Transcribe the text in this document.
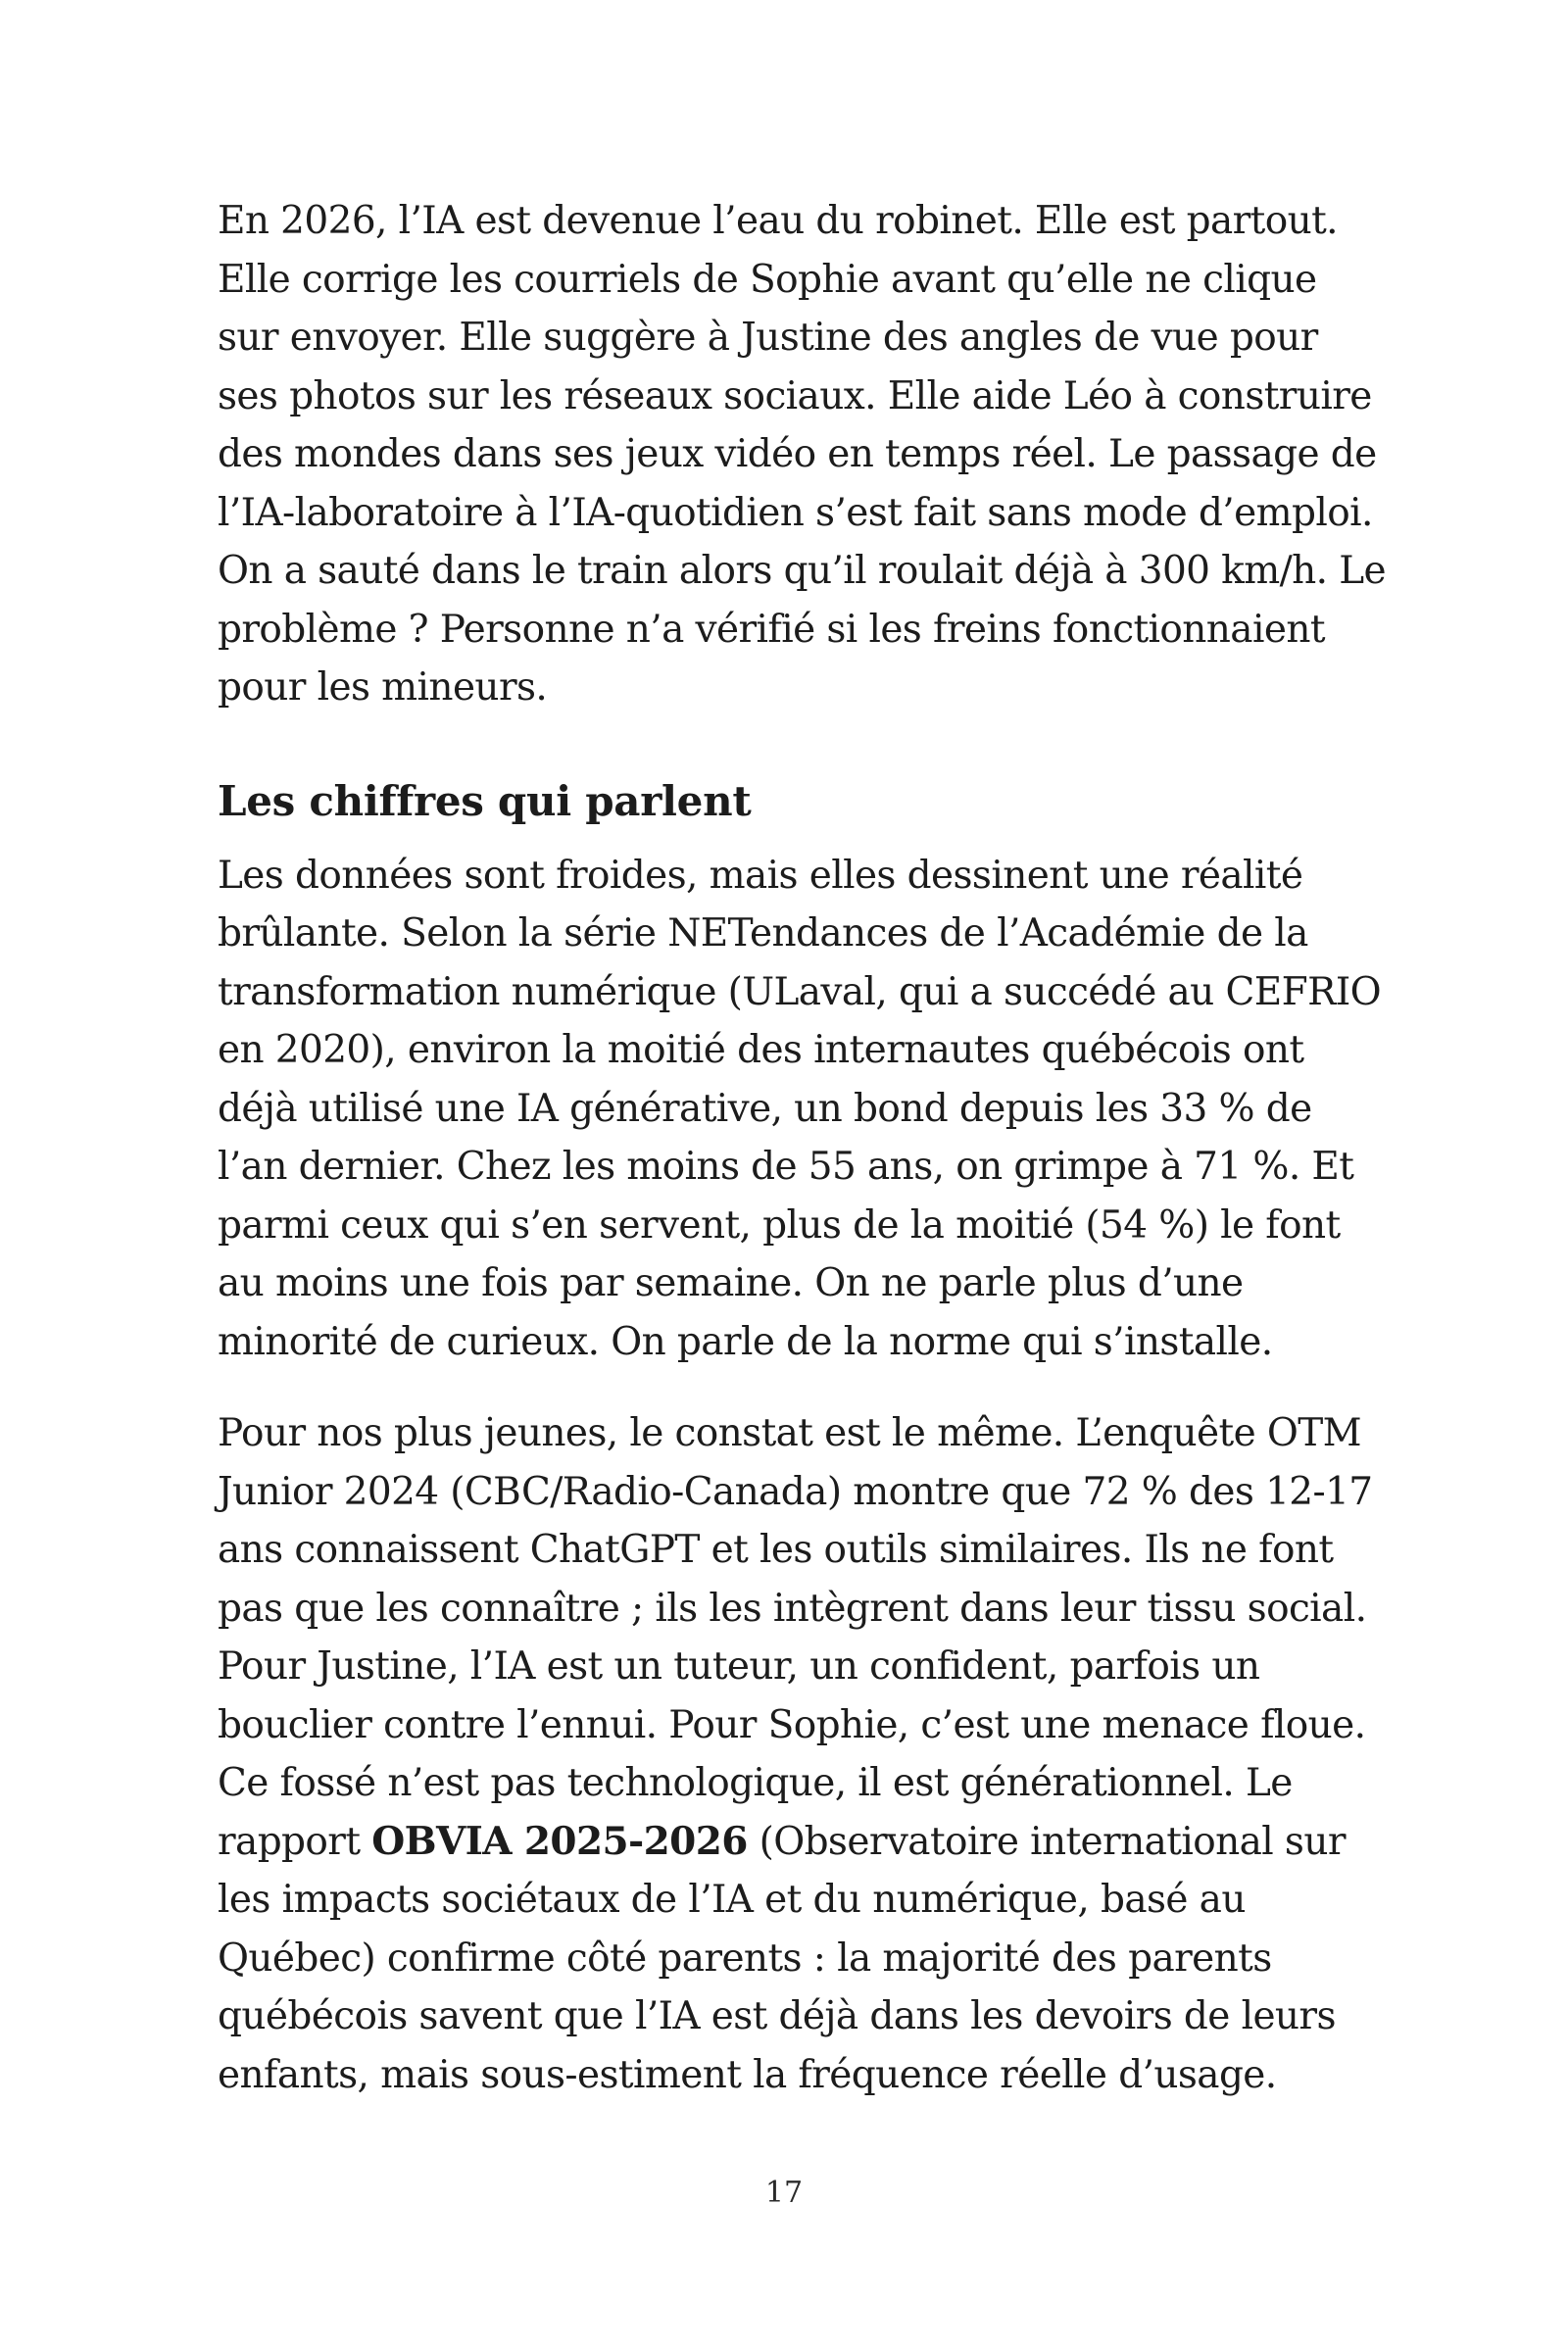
En 2026, l’IA est devenue l’eau du robinet. Elle est partout. Elle corrige les courriels de Sophie avant qu’elle ne clique sur envoyer. Elle suggère à Justine des angles de vue pour ses photos sur les réseaux sociaux. Elle aide Léo à construire des mondes dans ses jeux vidéo en temps réel. Le passage de l’IA-laboratoire à l’IA-quotidien s’est fait sans mode d’emploi. On a sauté dans le train alors qu’il roulait déjà à 300 km/h. Le problème ? Personne n’a vérifié si les freins fonctionnaient pour les mineurs.

Les chiffres qui parlent

Les données sont froides, mais elles dessinent une réalité brûlante. Selon la série NETendances de l’Académie de la transformation numérique (ULaval, qui a succédé au CEFRIO en 2020), environ la moitié des internautes québécois ont déjà utilisé une IA générative, un bond depuis les 33 % de l’an dernier. Chez les moins de 55 ans, on grimpe à 71 %. Et parmi ceux qui s’en servent, plus de la moitié (54 %) le font au moins une fois par semaine. On ne parle plus d’une minorité de curieux. On parle de la norme qui s’installe.

Pour nos plus jeunes, le constat est le même. L’enquête OTM Junior 2024 (CBC/Radio-Canada) montre que 72 % des 12-17 ans connaissent ChatGPT et les outils similaires. Ils ne font pas que les connaître ; ils les intègrent dans leur tissu social. Pour Justine, l’IA est un tuteur, un confident, parfois un bouclier contre l’ennui. Pour Sophie, c’est une menace floue. Ce fossé n’est pas technologique, il est générationnel. Le rapport OBVIA 2025-2026 (Observatoire international sur les impacts sociétaux de l’IA et du numérique, basé au Québec) confirme côté parents : la majorité des parents québécois savent que l’IA est déjà dans les devoirs de leurs enfants, mais sous-estiment la fréquence réelle d’usage.

17
